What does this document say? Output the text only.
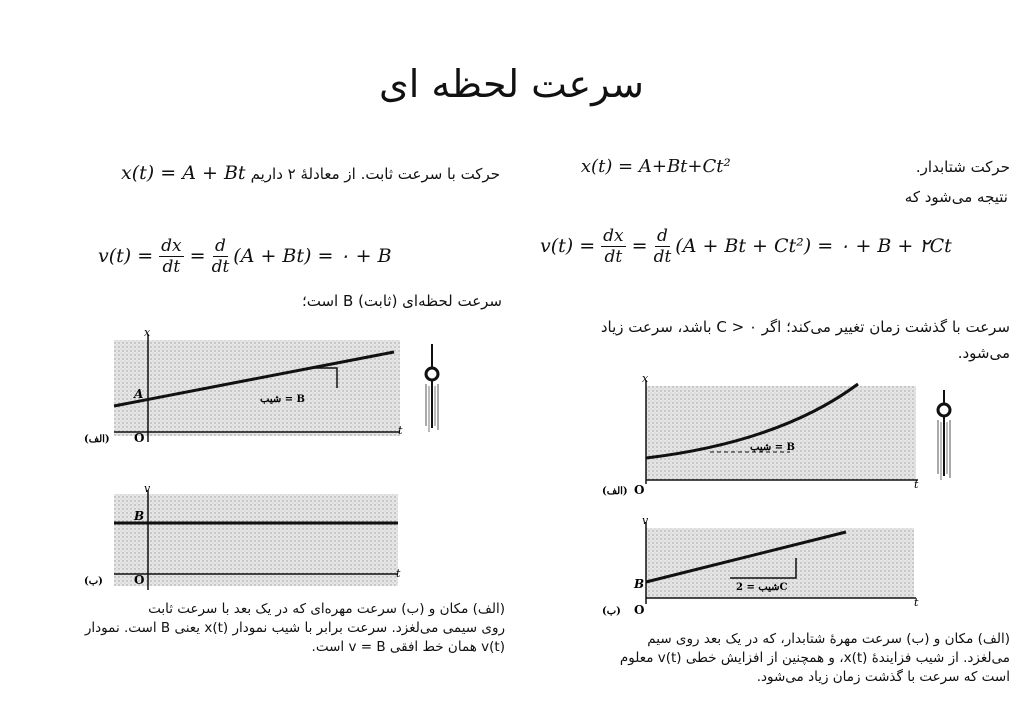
سرعت لحظه ای
حرکت با سرعت ثابت. از معادلهٔ ۲ داریم x(t) = A + Bt
$v(t) = \frac{dx}{dt} = \frac{d}{dt} (A + Bt)$ = ۰ + B
سرعت لحظه‌ای (ثابت) B است؛
x
t
O
A	شیب = B
(الف)
v
t
O
B
(ب)
(الف) مکان و (ب) سرعت مهره‌ای که در یک بعد با سرعت ثابت
روی سیمی می‌لغزد. سرعت برابر با شیب نمودار x(t) یعنی B است. نمودار
v(t) همان خط افقی v = B است.
حرکت شتابدار.  x(t) = A+Bt+Ct²
نتیجه می‌شود که
$v(t) = \frac{dx}{dt} = \frac{d}{dt} (A + Bt + Ct^2)$ = ۰ + B + ۲Ct
سرعت با گذشت زمان تغییر می‌کند؛ اگر C > ۰ باشد، سرعت زیاد
می‌شود.
x
t
O
شیب = B
(الف)
v
t
O
B	شیب = 2C
(ب)
(الف) مکان و (ب) سرعت مهرهٔ شتابدار، که در یک بعد روی سیم
می‌لغزد. از شیب فزایندهٔ x(t)، و همچنین از افزایش خطی v(t) معلوم
است که سرعت با گذشت زمان زیاد می‌شود.
